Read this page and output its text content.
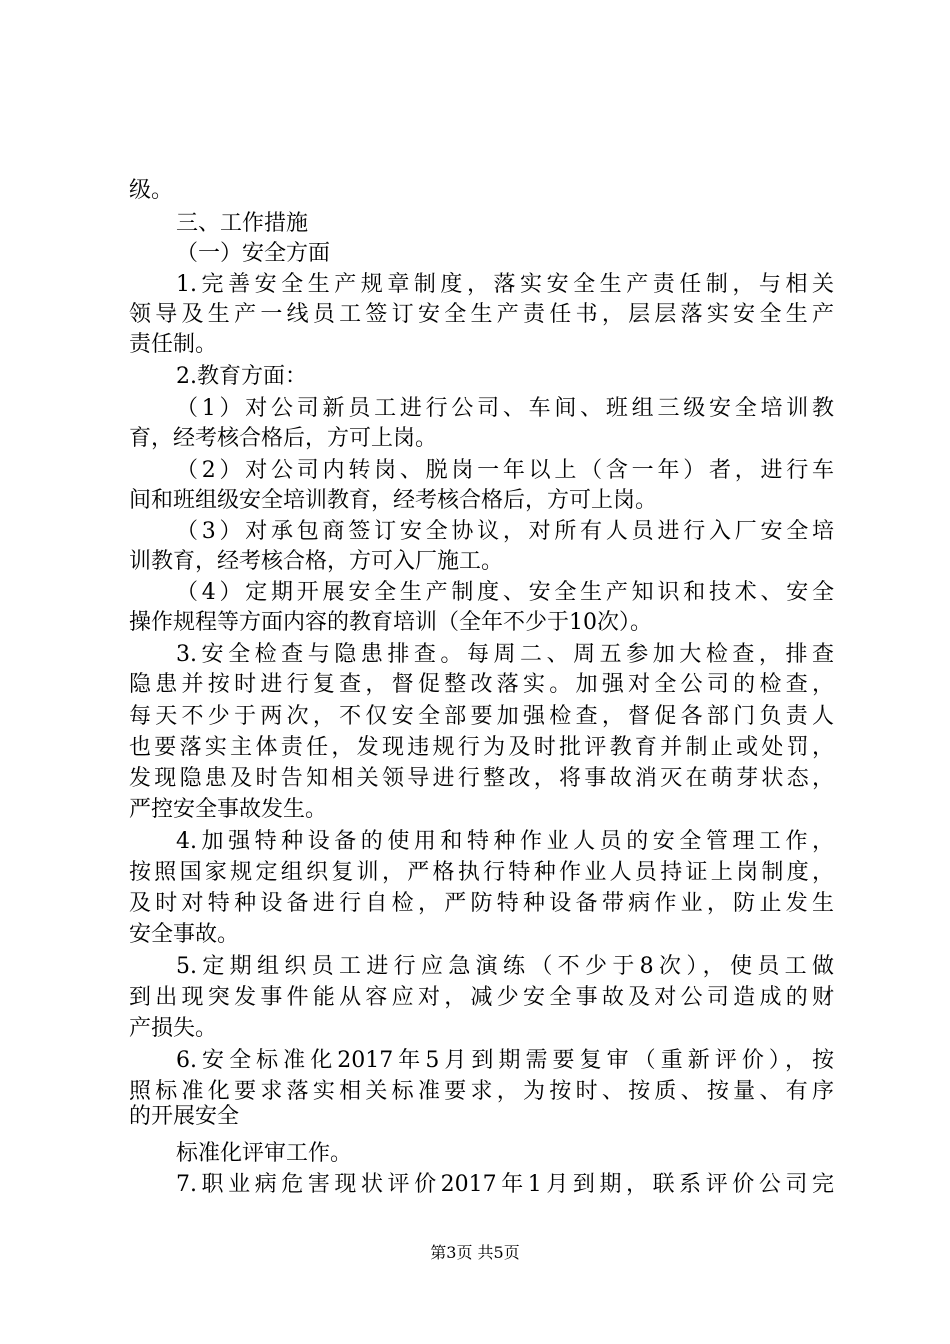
级。
三、工作措施
（一）安全方面
1.完善安全生产规章制度，落实安全生产责任制，与相关
领导及生产一线员工签订安全生产责任书，层层落实安全生产
责任制。
2.教育方面：
（1）对公司新员工进行公司、车间、班组三级安全培训教
育，经考核合格后，方可上岗。
（2）对公司内转岗、脱岗一年以上（含一年）者，进行车
间和班组级安全培训教育，经考核合格后，方可上岗。
（3）对承包商签订安全协议，对所有人员进行入厂安全培
训教育，经考核合格，方可入厂施工。
（4）定期开展安全生产制度、安全生产知识和技术、安全
操作规程等方面内容的教育培训（全年不少于10次）。
3.安全检查与隐患排查。每周二、周五参加大检查，排查
隐患并按时进行复查，督促整改落实。加强对全公司的检查，
每天不少于两次，不仅安全部要加强检查，督促各部门负责人
也要落实主体责任，发现违规行为及时批评教育并制止或处罚，
发现隐患及时告知相关领导进行整改，将事故消灭在萌芽状态，
严控安全事故发生。
4.加强特种设备的使用和特种作业人员的安全管理工作，
按照国家规定组织复训，严格执行特种作业人员持证上岗制度，
及时对特种设备进行自检，严防特种设备带病作业，防止发生
安全事故。
5.定期组织员工进行应急演练（不少于8次），使员工做
到出现突发事件能从容应对，减少安全事故及对公司造成的财
产损失。
6.安全标准化2017年5月到期需要复审（重新评价），按
照标准化要求落实相关标准要求，为按时、按质、按量、有序
的开展安全
标准化评审工作。
7.职业病危害现状评价2017年1月到期，联系评价公司完
第3页 共5页
